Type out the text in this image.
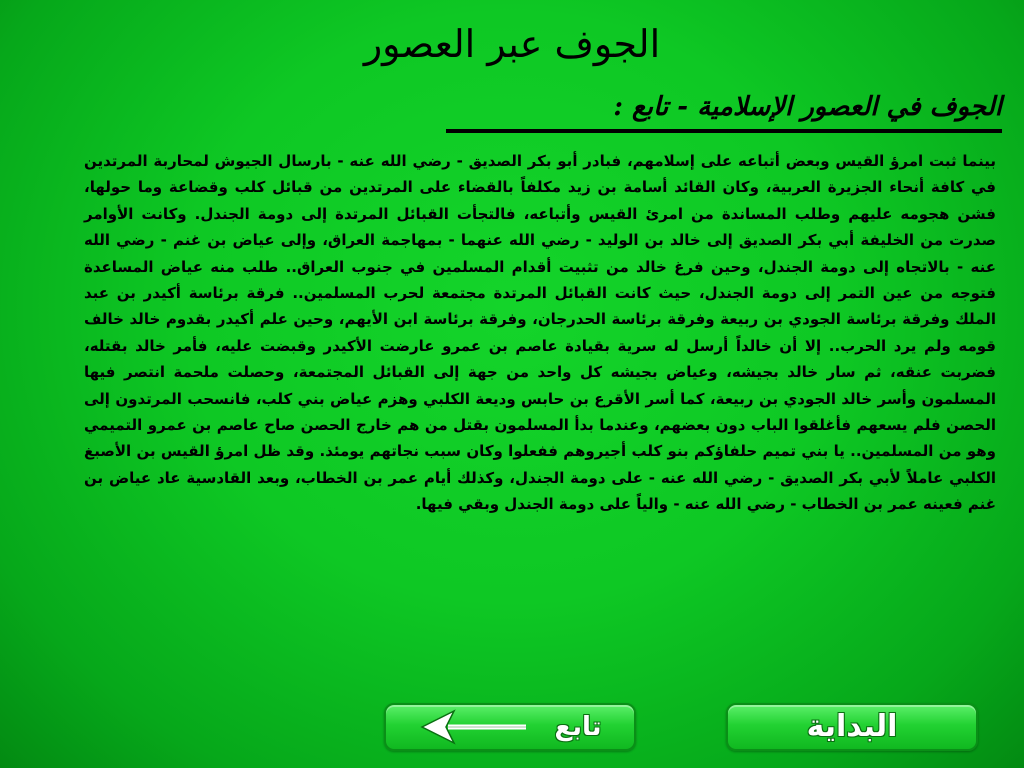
الجوف عبر العصور
الجوف في العصور الإسلامية - تابع :

بينما ثبت امرؤ القيس وبعض أتباعه على إسلامهم، فبادر أبو بكر الصديق - رضي الله عنه - بارسال الجيوش لمحاربة المرتدين في كافة أنحاء الجزيرة العربية، وكان القائد أسامة بن زيد مكلفاً بالقضاء على المرتدين من قبائل كلب وقضاعة وما حولها، فشن هجومه عليهم وطلب المساندة من امرئ القيس وأتباعه، فالتجأت القبائل المرتدة إلى دومة الجندل. وكانت الأوامر صدرت من الخليفة أبي بكر الصديق إلى خالد بن الوليد - رضي الله عنهما - بمهاجمة العراق، وإلى عياض بن غنم - رضي الله عنه - بالاتجاه إلى دومة الجندل، وحين فرغ خالد من تثبيت أقدام المسلمين في جنوب العراق.. طلب منه عياض المساعدة فتوجه من عين التمر إلى دومة الجندل، حيث كانت القبائل المرتدة مجتمعة لحرب المسلمين.. فرقة برئاسة أكيدر بن عبد الملك وفرقة برئاسة الجودي بن ربيعة وفرقة برئاسة الحدرجان، وفرقة برئاسة ابن الأيهم، وحين علم أكيدر بقدوم خالد خالف قومه ولم يرد الحرب.. إلا أن خالداً أرسل له سرية بقيادة عاصم بن عمرو عارضت الأكيدر وقبضت عليه، فأمر خالد بقتله، فضربت عنقه، ثم سار خالد بجيشه، وعياض بجيشه كل واحد من جهة إلى القبائل المجتمعة، وحصلت ملحمة انتصر فيها المسلمون وأسر خالد الجودي بن ربيعة، كما أسر الأقرع بن حابس وديعة الكلبي وهزم عياض بني كلب، فانسحب المرتدون إلى الحصن فلم يسعهم فأغلقوا الباب دون بعضهم، وعندما بدأ المسلمون بقتل من هم خارج الحصن صاح عاصم بن عمرو التميمي وهو من المسلمين.. يا بني تميم حلفاؤكم بنو كلب أجيروهم ففعلوا وكان سبب نجاتهم يومئذ. وقد ظل امرؤ القيس بن الأصبغ الكلبي عاملاً لأبي بكر الصديق - رضي الله عنه - على دومة الجندل، وكذلك أيام عمر بن الخطاب، وبعد القادسية عاد عياض بن غنم فعينه عمر بن الخطاب - رضي الله عنه - والياً على دومة الجندل وبقي فيها.

البداية
تابع
